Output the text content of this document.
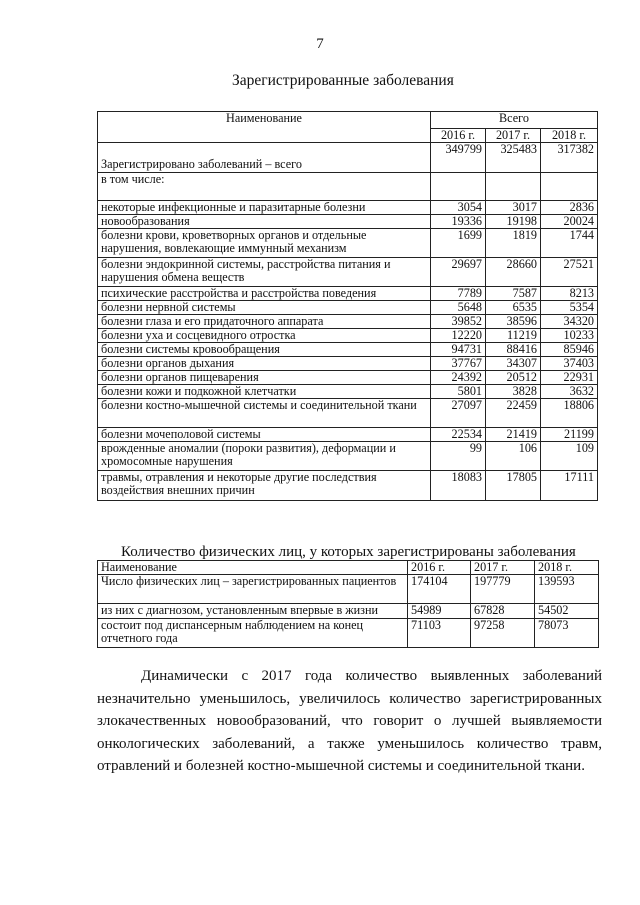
7
Зарегистрированные заболевания
Наименование	Всего		
	2016 г.	2017 г.	2018 г.
Зарегистрировано заболеваний – всего	349799	325483	317382
в том числе:			
некоторые инфекционные и паразитарные болезни	3054	3017	2836
новообразования	19336	19198	20024
болезни крови, кроветворных органов и отдельные нарушения, вовлекающие иммунный механизм	1699	1819	1744
болезни эндокринной системы, расстройства питания и нарушения обмена веществ	29697	28660	27521
психические расстройства и расстройства поведения	7789	7587	8213
болезни нервной системы	5648	6535	5354
болезни глаза и его придаточного аппарата	39852	38596	34320
болезни уха и сосцевидного отростка	12220	11219	10233
болезни системы кровообращения	94731	88416	85946
болезни органов дыхания	37767	34307	37403
болезни органов пищеварения	24392	20512	22931
болезни кожи и подкожной клетчатки	5801	3828	3632
болезни костно-мышечной системы и соединительной ткани	27097	22459	18806
болезни мочеполовой системы	22534	21419	21199
врожденные аномалии (пороки развития), деформации и хромосомные нарушения	99	106	109
травмы, отравления и некоторые другие последствия воздействия внешних причин	18083	17805	17111
Количество физических лиц, у которых зарегистрированы заболевания
Наименование	2016 г.	2017 г.	2018 г.
Число физических лиц – зарегистрированных пациентов	174104	197779	139593
из них с диагнозом, установленным впервые в жизни	54989	67828	54502
состоит под диспансерным наблюдением на конец отчетного года	71103	97258	78073
Динамически с 2017 года количество выявленных заболеваний незначительно уменьшилось, увеличилось количество зарегистрированных злокачественных новообразований, что говорит о лучшей выявляемости онкологических заболеваний, а также уменьшилось количество травм, отравлений и болезней костно-мышечной системы и соединительной ткани.
